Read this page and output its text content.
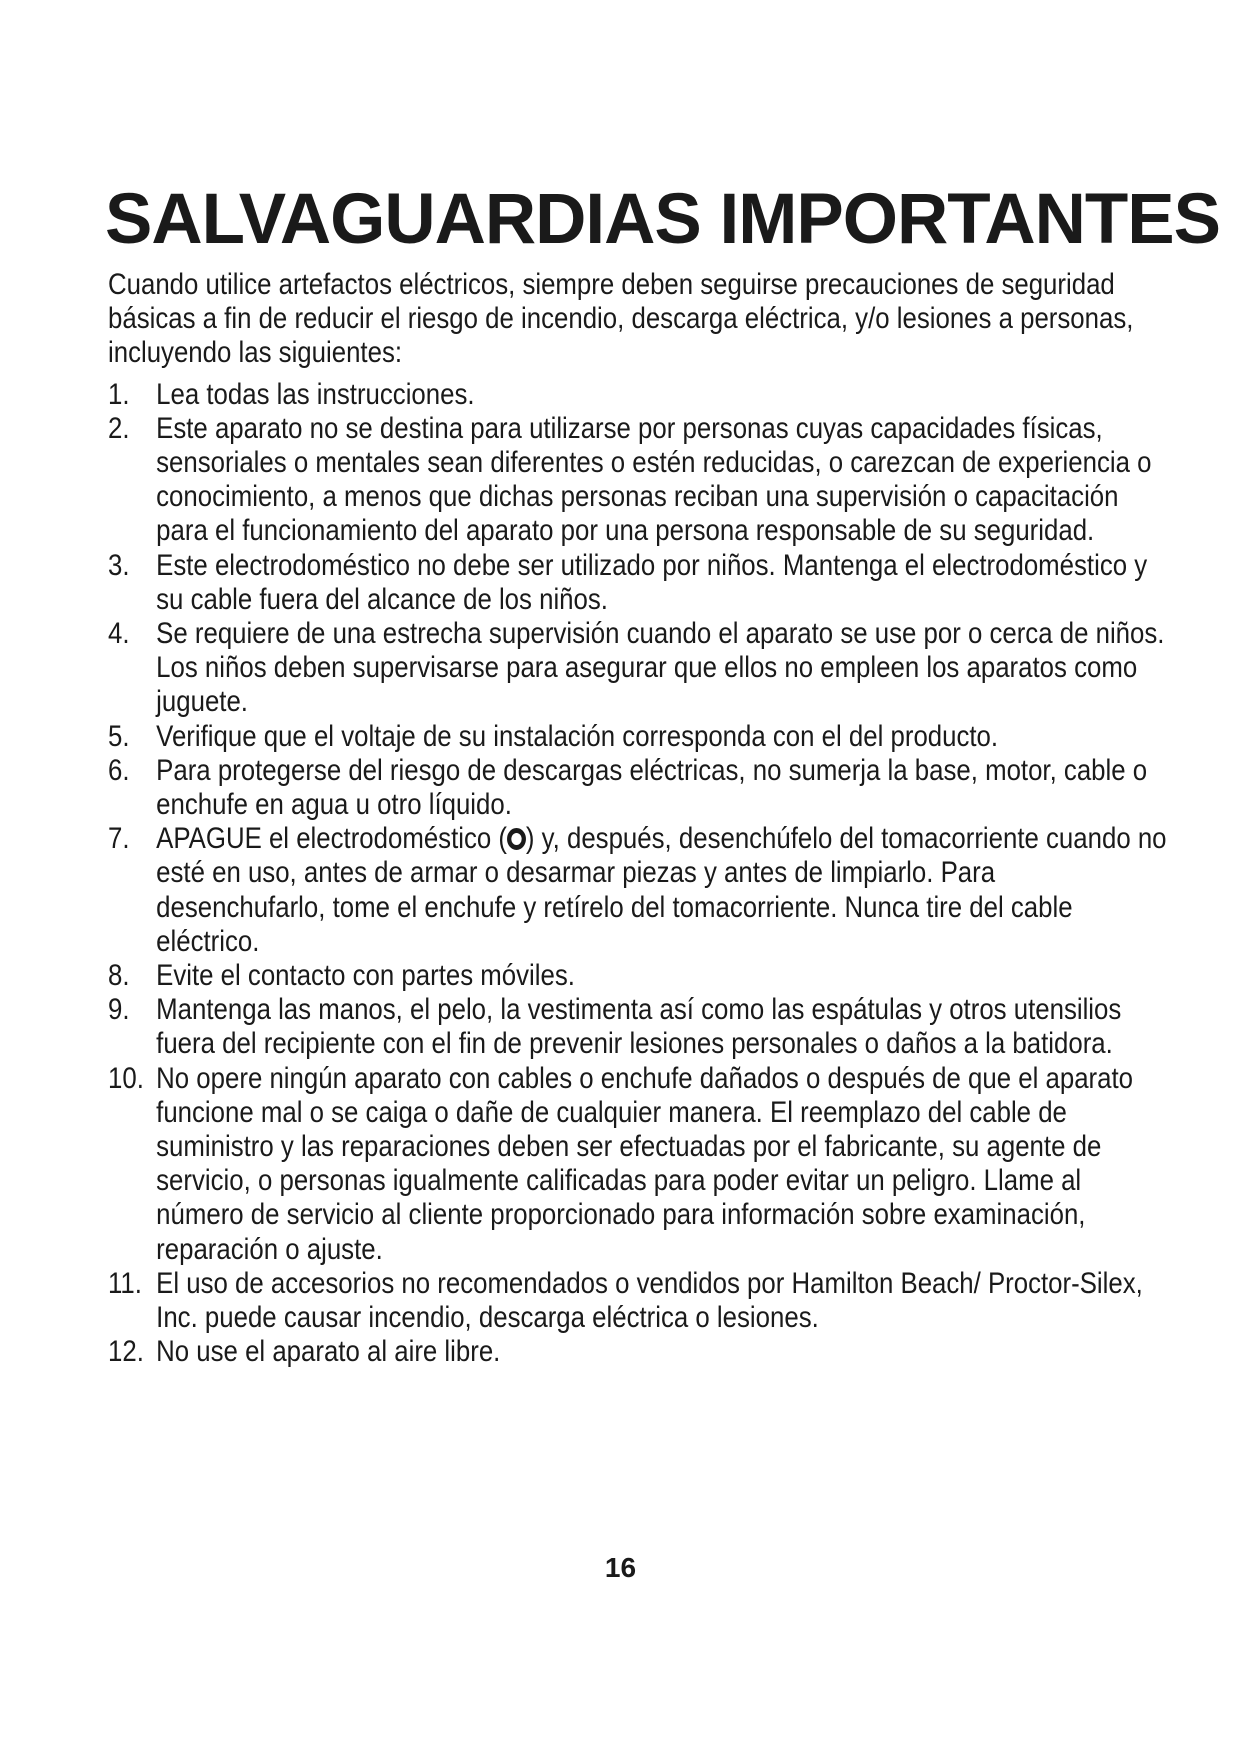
SALVAGUARDIAS IMPORTANTES

Cuando utilice artefactos eléctricos, siempre deben seguirse precauciones de seguridad básicas a fin de reducir el riesgo de incendio, descarga eléctrica, y/o lesiones a personas, incluyendo las siguientes:

1. Lea todas las instrucciones.

2. Este aparato no se destina para utilizarse por personas cuyas capacidades físicas, sensoriales o mentales sean diferentes o estén reducidas, o carezcan de experiencia o conocimiento, a menos que dichas personas reciban una supervisión o capacitación para el funcionamiento del aparato por una persona responsable de su seguridad.

3. Este electrodoméstico no debe ser utilizado por niños. Mantenga el electrodoméstico y su cable fuera del alcance de los niños.

4. Se requiere de una estrecha supervisión cuando el aparato se use por o cerca de niños. Los niños deben supervisarse para asegurar que ellos no empleen los aparatos como juguete.

5. Verifique que el voltaje de su instalación corresponda con el del producto.

6. Para protegerse del riesgo de descargas eléctricas, no sumerja la base, motor, cable o enchufe en agua u otro líquido.

7. APAGUE el electrodoméstico ( ) y, después, desenchúfelo del tomacorriente cuando no esté en uso, antes de armar o desarmar piezas y antes de limpiarlo. Para desenchufarlo, tome el enchufe y retírelo del tomacorriente. Nunca tire del cable eléctrico.

8. Evite el contacto con partes móviles.

9. Mantenga las manos, el pelo, la vestimenta así como las espátulas y otros utensilios fuera del recipiente con el fin de prevenir lesiones personales o daños a la batidora.

10. No opere ningún aparato con cables o enchufe dañados o después de que el aparato funcione mal o se caiga o dañe de cualquier manera. El reemplazo del cable de suministro y las reparaciones deben ser efectuadas por el fabricante, su agente de servicio, o personas igualmente calificadas para poder evitar un peligro. Llame al número de servicio al cliente proporcionado para información sobre examinación, reparación o ajuste.

11. El uso de accesorios no recomendados o vendidos por Hamilton Beach/ Proctor-Silex, Inc. puede causar incendio, descarga eléctrica o lesiones.

12. No use el aparato al aire libre.

16
